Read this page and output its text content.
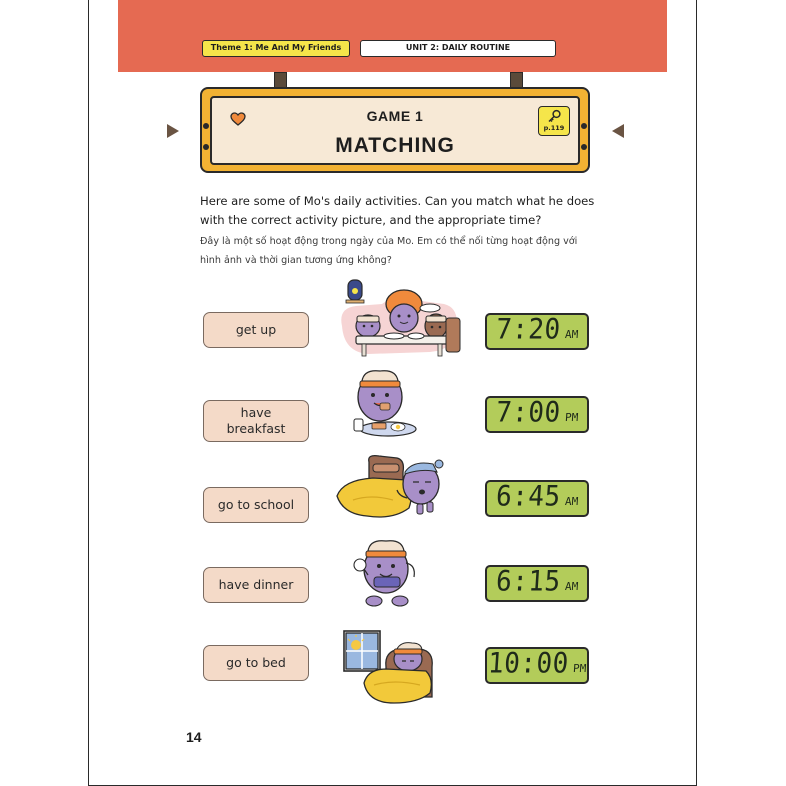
Theme 1: Me And My Friends	UNIT 2: DAILY ROUTINE
GAME 1
MATCHING
p.119
Here are some of Mo's daily activities. Can you match what he does with the correct activity picture, and the appropriate time?
Đây là một số hoạt động trong ngày của Mo. Em có thể nối từng hoạt động với hình ảnh và thời gian tương ứng không?
get up
have breakfast
go to school
have dinner
go to bed
7:20 AM
7:00 PM
6:45 AM
6:15 AM
10:00 PM
14
